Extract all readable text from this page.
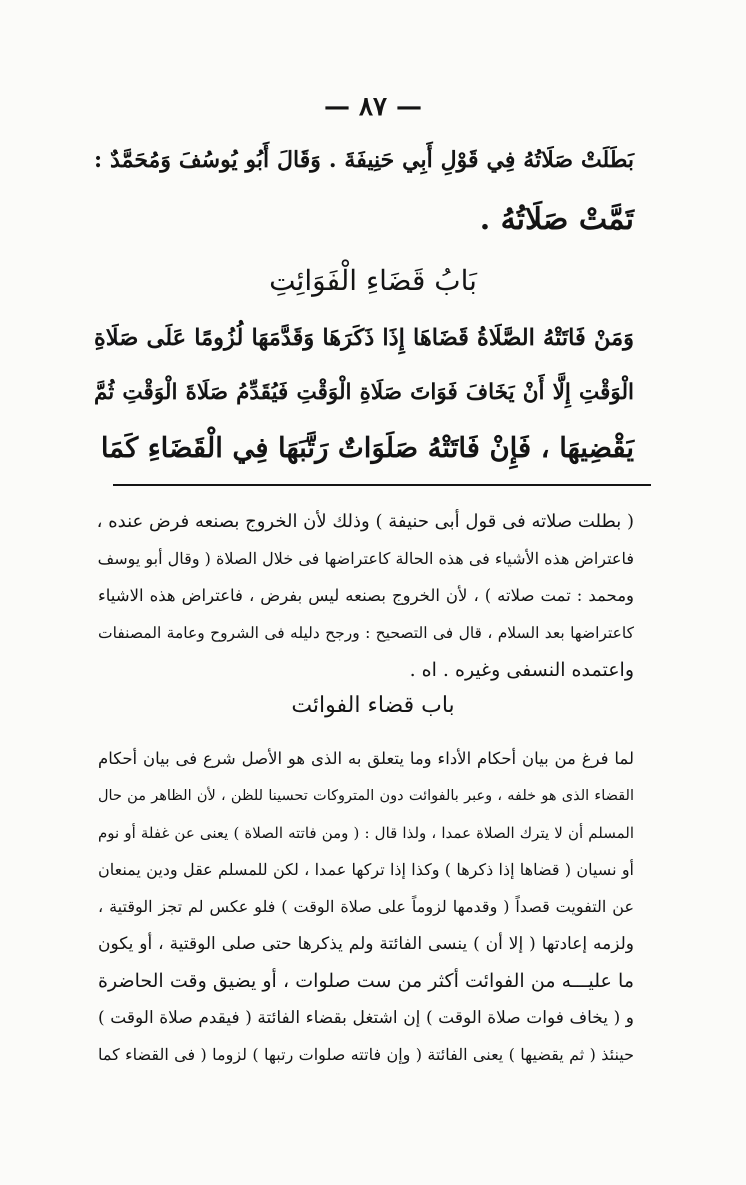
— ٨٧ —
بَطَلَتْ صَلَاتُهُ فِي قَوْلِ أَبِي حَنِيفَةَ . وَقَالَ أَبُو يُوسُفَ وَمُحَمَّدٌ :
تَمَّتْ صَلَاتُهُ .
بَابُ قَضَاءِ الْفَوَائِتِ
وَمَنْ فَاتَتْهُ الصَّلَاةُ قَضَاهَا إِذَا ذَكَرَهَا وَقَدَّمَهَا لُزُومًا عَلَى صَلَاةِ
الْوَقْتِ إِلَّا أَنْ يَخَافَ فَوَاتَ صَلَاةِ الْوَقْتِ فَيُقَدِّمُ صَلَاةَ الْوَقْتِ ثُمَّ
يَقْضِيهَا ، فَإِنْ فَاتَتْهُ صَلَوَاتٌ رَتَّبَهَا فِي الْقَضَاءِ كَمَا
( بطلت صلاته فى قول أبى حنيفة ) وذلك لأن الخروج بصنعه فرض عنده ،
فاعتراض هذه الأشياء فى هذه الحالة كاعتراضها فى خلال الصلاة ( وقال أبو يوسف
ومحمد : تمت صلاته ) ، لأن الخروج بصنعه ليس بفرض ، فاعتراض هذه الاشياء
كاعتراضها بعد السلام ، قال فى التصحيح : ورجح دليله فى الشروح وعامة المصنفات
واعتمده النسفى وغيره . اه .
باب قضاء الفوائت
لما فرغ من بيان أحكام الأداء وما يتعلق به الذى هو الأصل شرع فى بيان أحكام
القضاء الذى هو خلفه ، وعبر بالفوائت دون المتروكات تحسينا للظن ، لأن الظاهر من حال
المسلم أن لا يترك الصلاة عمدا ، ولذا قال : ( ومن فاتته الصلاة ) يعنى عن غفلة أو نوم
أو نسيان ( قضاها إذا ذكرها ) وكذا إذا تركها عمدا ، لكن للمسلم عقل ودين يمنعان
عن التفويت قصداً ( وقدمها لزوماً على صلاة الوقت ) فلو عكس لم تجز الوقتية ،
ولزمه إعادتها ( إلا أن ) ينسى الفائتة ولم يذكرها حتى صلى الوقتية ، أو يكون
ما عليـــه من الفوائت أكثر من ست صلوات ، أو يضيق وقت الحاضرة
و ( يخاف فوات صلاة الوقت ) إن اشتغل بقضاء الفائتة ( فيقدم صلاة الوقت )
حينئذ ( ثم يقضيها ) يعنى الفائتة ( وإن فاتته صلوات رتبها ) لزوما ( فى القضاء كما
